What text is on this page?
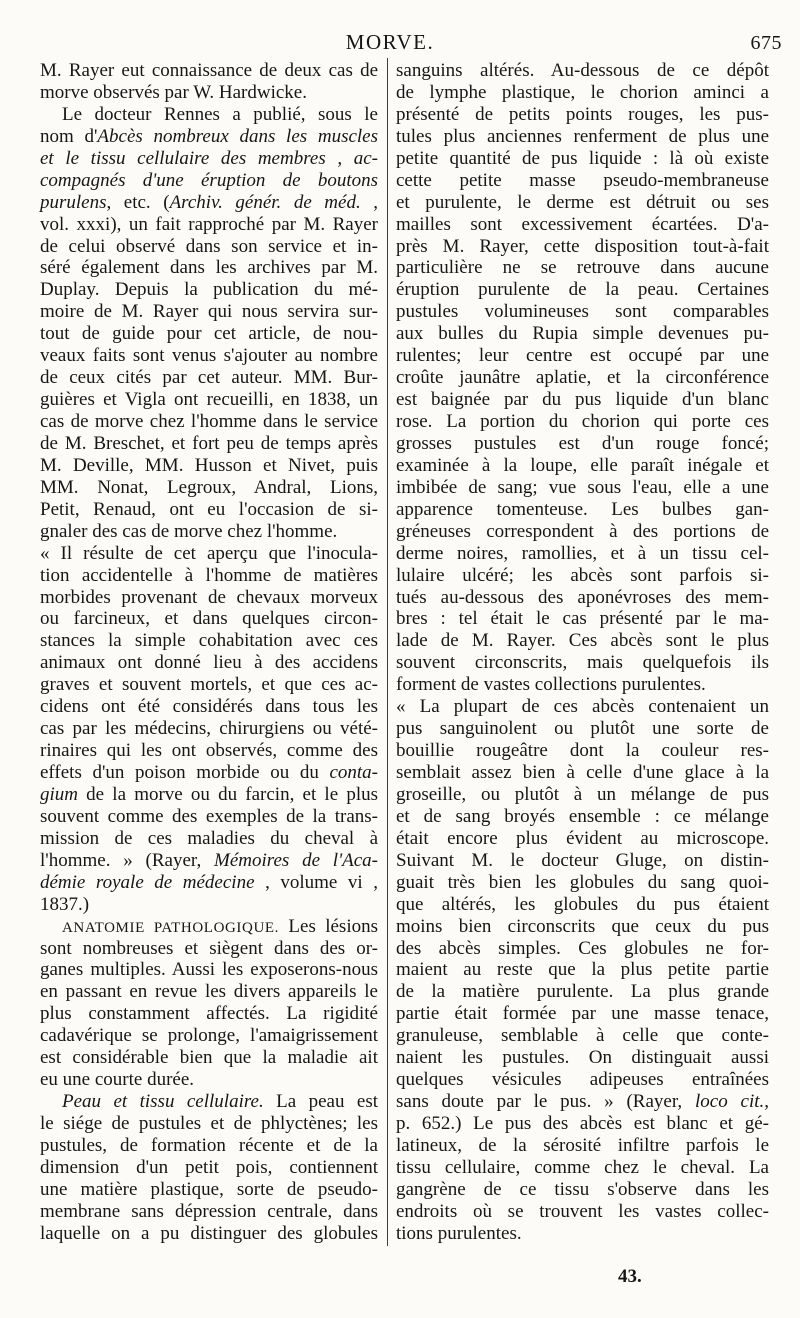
MORVE.	675
M. Rayer eut connaissance de deux cas de
morve observés par W. Hardwicke.
Le docteur Rennes a publié, sous le
nom d'Abcès nombreux dans les muscles
et le tissu cellulaire des membres , ac-
compagnés d'une éruption de boutons
purulens, etc. (Archiv. génér. de méd. ,
vol. xxxi), un fait rapproché par M. Rayer
de celui observé dans son service et in-
séré également dans les archives par M.
Duplay. Depuis la publication du mé-
moire de M. Rayer qui nous servira sur-
tout de guide pour cet article, de nou-
veaux faits sont venus s'ajouter au nombre
de ceux cités par cet auteur. MM. Bur-
guières et Vigla ont recueilli, en 1838, un
cas de morve chez l'homme dans le service
de M. Breschet, et fort peu de temps après
M. Deville, MM. Husson et Nivet, puis
MM. Nonat, Legroux, Andral, Lions,
Petit, Renaud, ont eu l'occasion de si-
gnaler des cas de morve chez l'homme.
« Il résulte de cet aperçu que l'inocula-
tion accidentelle à l'homme de matières
morbides provenant de chevaux morveux
ou farcineux, et dans quelques circon-
stances la simple cohabitation avec ces
animaux ont donné lieu à des accidens
graves et souvent mortels, et que ces ac-
cidens ont été considérés dans tous les
cas par les médecins, chirurgiens ou vété-
rinaires qui les ont observés, comme des
effets d'un poison morbide ou du conta-
gium de la morve ou du farcin, et le plus
souvent comme des exemples de la trans-
mission de ces maladies du cheval à
l'homme. » (Rayer, Mémoires de l'Aca-
démie royale de médecine , volume vi ,
1837.)
ANATOMIE PATHOLOGIQUE. Les lésions
sont nombreuses et siègent dans des or-
ganes multiples. Aussi les exposerons-nous
en passant en revue les divers appareils le
plus constamment affectés. La rigidité
cadavérique se prolonge, l'amaigrissement
est considérable bien que la maladie ait
eu une courte durée.
Peau et tissu cellulaire. La peau est
le siége de pustules et de phlyctènes; les
pustules, de formation récente et de la
dimension d'un petit pois, contiennent
une matière plastique, sorte de pseudo-
membrane sans dépression centrale, dans
laquelle on a pu distinguer des globules
sanguins altérés. Au-dessous de ce dépôt
de lymphe plastique, le chorion aminci a
présenté de petits points rouges, les pus-
tules plus anciennes renferment de plus une
petite quantité de pus liquide : là où existe
cette petite masse pseudo-membraneuse
et purulente, le derme est détruit ou ses
mailles sont excessivement écartées. D'a-
près M. Rayer, cette disposition tout-à-fait
particulière ne se retrouve dans aucune
éruption purulente de la peau. Certaines
pustules volumineuses sont comparables
aux bulles du Rupia simple devenues pu-
rulentes; leur centre est occupé par une
croûte jaunâtre aplatie, et la circonférence
est baignée par du pus liquide d'un blanc
rose. La portion du chorion qui porte ces
grosses pustules est d'un rouge foncé;
examinée à la loupe, elle paraît inégale et
imbibée de sang; vue sous l'eau, elle a une
apparence tomenteuse. Les bulbes gan-
gréneuses correspondent à des portions de
derme noires, ramollies, et à un tissu cel-
lulaire ulcéré; les abcès sont parfois si-
tués au-dessous des aponévroses des mem-
bres : tel était le cas présenté par le ma-
lade de M. Rayer. Ces abcès sont le plus
souvent circonscrits, mais quelquefois ils
forment de vastes collections purulentes.
« La plupart de ces abcès contenaient un
pus sanguinolent ou plutôt une sorte de
bouillie rougeâtre dont la couleur res-
semblait assez bien à celle d'une glace à la
groseille, ou plutôt à un mélange de pus
et de sang broyés ensemble : ce mélange
était encore plus évident au microscope.
Suivant M. le docteur Gluge, on distin-
guait très bien les globules du sang quoi-
que altérés, les globules du pus étaient
moins bien circonscrits que ceux du pus
des abcès simples. Ces globules ne for-
maient au reste que la plus petite partie
de la matière purulente. La plus grande
partie était formée par une masse tenace,
granuleuse, semblable à celle que conte-
naient les pustules. On distinguait aussi
quelques vésicules adipeuses entraînées
sans doute par le pus. » (Rayer, loco cit.,
p. 652.) Le pus des abcès est blanc et gé-
latineux, de la sérosité infiltre parfois le
tissu cellulaire, comme chez le cheval. La
gangrène de ce tissu s'observe dans les
endroits où se trouvent les vastes collec-
tions purulentes.
43.
